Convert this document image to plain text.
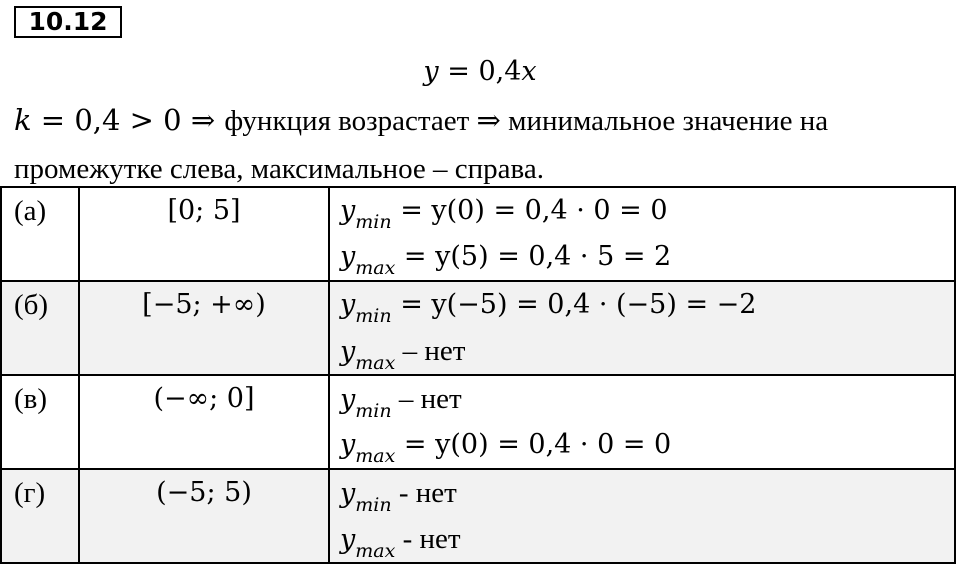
10.12
y = 0,4x
k = 0,4 > 0 ⇒ функция возрастает ⇒ минимальное значение на промежутке слева, максимальное – справа.
(а)	[0; 5]	$y_{min} = y(0) = 0,4 \cdot 0 = 0$
$y_{max} = y(5) = 0,4 \cdot 5 = 2$

(б)	[−5; +∞)	$y_{min} = y(-5) = 0,4 \cdot (-5) = -2$
$y_{max}$ – нет

(в)	(−∞; 0]	$y_{min}$ – нет
$y_{max} = y(0) = 0,4 \cdot 0 = 0$

(г)	(−5; 5)	$y_{min}$ - нет
$y_{max}$ - нет
